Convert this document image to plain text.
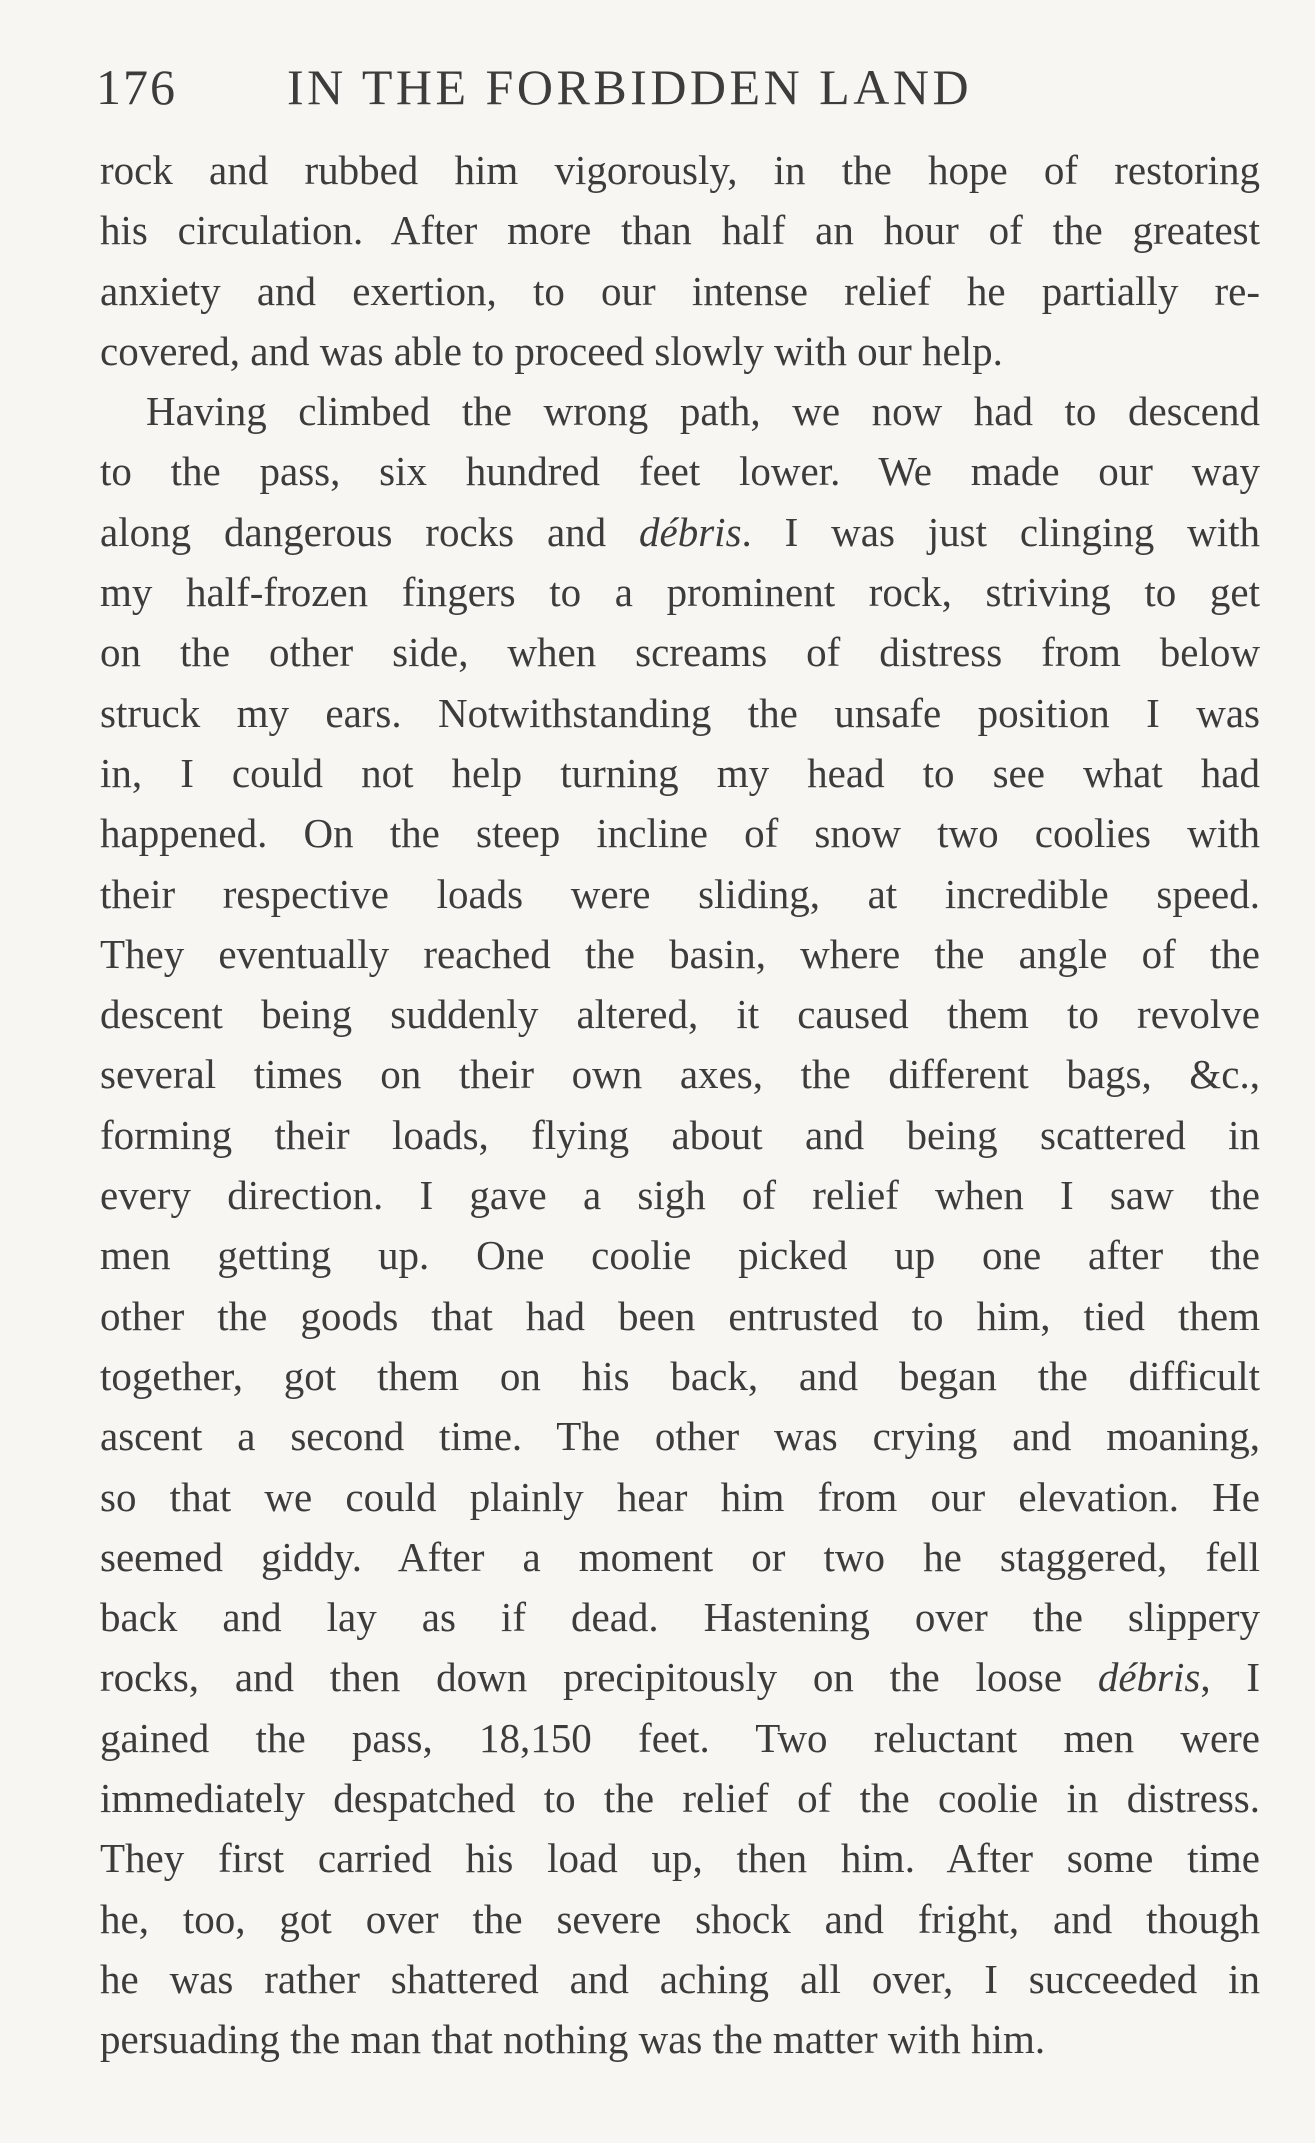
176 IN THE FORBIDDEN LAND
rock and rubbed him vigorously, in the hope of restoring
his circulation. After more than half an hour of the greatest
anxiety and exertion, to our intense relief he partially re-
covered, and was able to proceed slowly with our help.
Having climbed the wrong path, we now had to descend
to the pass, six hundred feet lower. We made our way
along dangerous rocks and débris. I was just clinging with
my half-frozen fingers to a prominent rock, striving to get
on the other side, when screams of distress from below
struck my ears. Notwithstanding the unsafe position I was
in, I could not help turning my head to see what had
happened. On the steep incline of snow two coolies with
their respective loads were sliding, at incredible speed.
They eventually reached the basin, where the angle of the
descent being suddenly altered, it caused them to revolve
several times on their own axes, the different bags, &c.,
forming their loads, flying about and being scattered in
every direction. I gave a sigh of relief when I saw the
men getting up. One coolie picked up one after the
other the goods that had been entrusted to him, tied them
together, got them on his back, and began the difficult
ascent a second time. The other was crying and moaning,
so that we could plainly hear him from our elevation. He
seemed giddy. After a moment or two he staggered, fell
back and lay as if dead. Hastening over the slippery
rocks, and then down precipitously on the loose débris, I
gained the pass, 18,150 feet. Two reluctant men were
immediately despatched to the relief of the coolie in distress.
They first carried his load up, then him. After some time
he, too, got over the severe shock and fright, and though
he was rather shattered and aching all over, I succeeded in
persuading the man that nothing was the matter with him.
